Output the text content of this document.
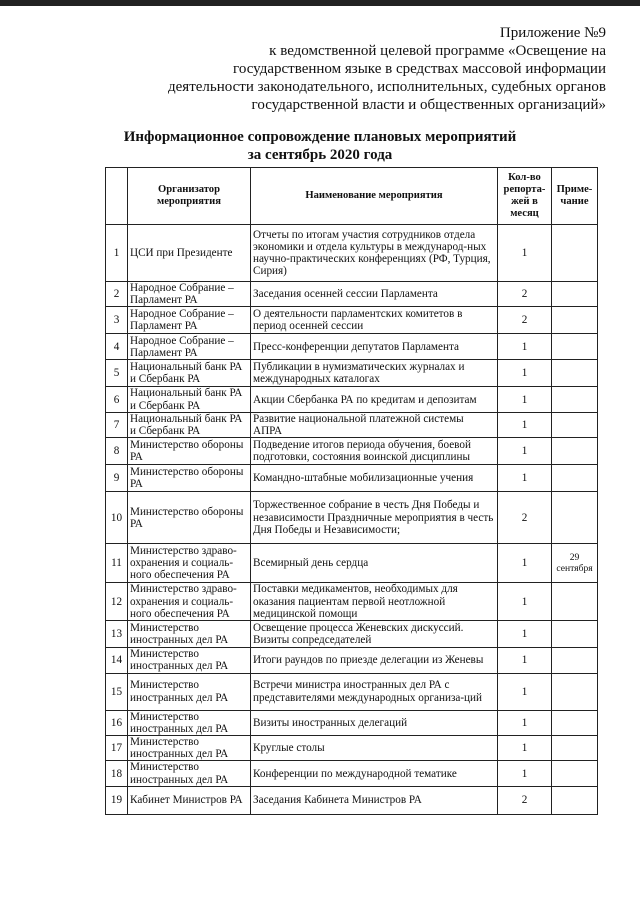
Приложение №9
к ведомственной целевой программе «Освещение на
государственном языке в средствах массовой информации
деятельности законодательного, исполнительных, судебных органов
государственной власти и общественных организаций»
Информационное сопровождение плановых мероприятий
за сентябрь 2020 года
	Организатор мероприятия	Наименование мероприятия	Кол-во репорта-жей в месяц	Приме-чание
1	ЦСИ при Президенте	Отчеты по итогам участия сотрудников отдела экономики и отдела культуры в международ-ных научно-практических конференциях (РФ, Турция, Сирия)	1	
2	Народное Собрание – Парламент РА	Заседания осенней сессии Парламента	2	
3	Народное Собрание – Парламент РА	О деятельности парламентских комитетов в период осенней сессии	2	
4	Народное Собрание – Парламент РА	Пресс-конференции депутатов Парламента	1	
5	Национальный банк РА и Сбербанк РА	Публикации в нумизматических журналах и международных каталогах	1	
6	Национальный банк РА и Сбербанк РА	Акции Сбербанка РА по кредитам и депозитам	1	
7	Национальный банк РА и Сбербанк РА	Развитие национальной платежной системы АПРА	1	
8	Министерство обороны РА	Подведение итогов периода обучения, боевой подготовки, состояния воинской дисциплины	1	
9	Министерство обороны РА	Командно-штабные мобилизационные учения	1	
10	Министерство обороны РА	Торжественное собрание в честь Дня Победы и независимости Праздничные мероприятия в честь Дня Победы и Независимости;	2	
11	Министерство здраво-охранения и социаль-ного обеспечения РА	Всемирный день сердца	1	29 сентября
12	Министерство здраво-охранения и социаль-ного обеспечения РА	Поставки медикаментов, необходимых для оказания пациентам первой неотложной медицинской помощи	1	
13	Министерство иностранных дел РА	Освещение процесса Женевских дискуссий. Визиты сопредседателей	1	
14	Министерство иностранных дел РА	Итоги раундов по приезде делегации из Женевы	1	
15	Министерство иностранных дел РА	Встречи министра иностранных дел РА с представителями международных организа-ций	1	
16	Министерство иностранных дел РА	Визиты иностранных делегаций	1	
17	Министерство иностранных дел РА	Круглые столы	1	
18	Министерство иностранных дел РА	Конференции по международной тематике	1	
19	Кабинет Министров РА	Заседания Кабинета Министров РА	2	
